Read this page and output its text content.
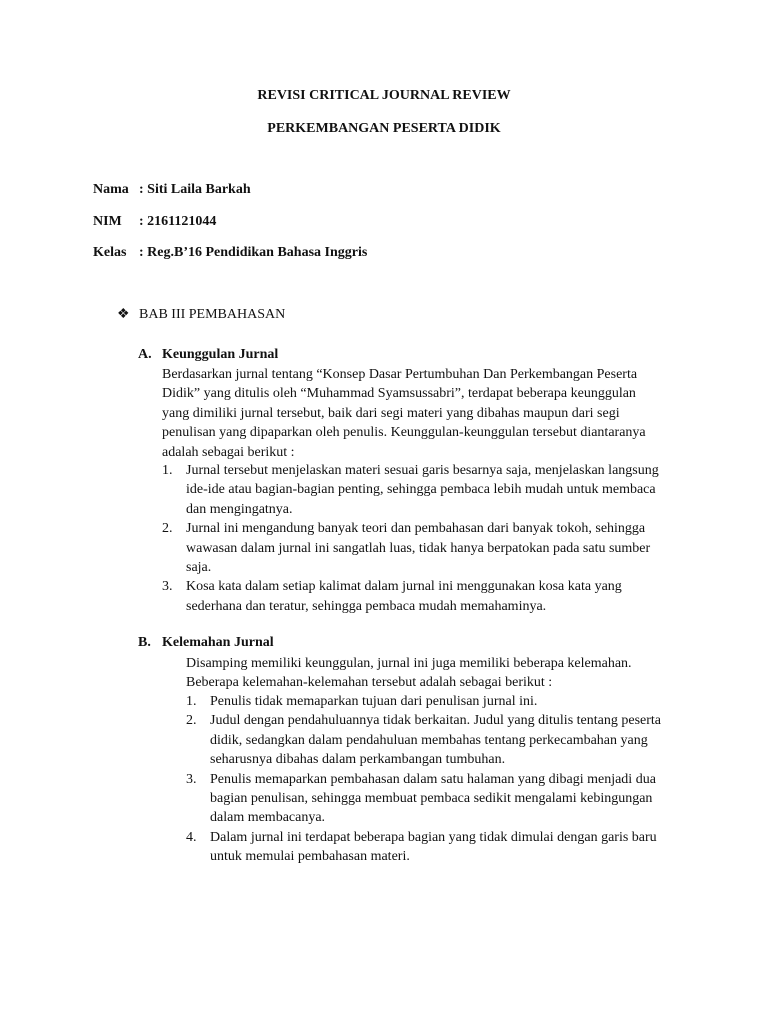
REVISI CRITICAL JOURNAL REVIEW
PERKEMBANGAN PESERTA DIDIK
Nama : Siti Laila Barkah
NIM : 2161121044
Kelas : Reg.B’16 Pendidikan Bahasa Inggris
❖ BAB III PEMBAHASAN
A. Keunggulan Jurnal
Berdasarkan jurnal tentang “Konsep Dasar Pertumbuhan Dan Perkembangan Peserta Didik” yang ditulis oleh “Muhammad Syamsussabri”, terdapat beberapa keunggulan yang dimiliki jurnal tersebut, baik dari segi materi yang dibahas maupun dari segi penulisan yang dipaparkan oleh penulis. Keunggulan-keunggulan tersebut diantaranya adalah sebagai berikut :
1. Jurnal tersebut menjelaskan materi sesuai garis besarnya saja, menjelaskan langsung ide-ide atau bagian-bagian penting, sehingga pembaca lebih mudah untuk membaca dan mengingatnya.
2. Jurnal ini mengandung banyak teori dan pembahasan dari banyak tokoh, sehingga wawasan dalam jurnal ini sangatlah luas, tidak hanya berpatokan pada satu sumber saja.
3. Kosa kata dalam setiap kalimat dalam jurnal ini menggunakan kosa kata yang sederhana dan teratur, sehingga pembaca mudah memahaminya.
B. Kelemahan Jurnal
Disamping memiliki keunggulan, jurnal ini juga memiliki beberapa kelemahan. Beberapa kelemahan-kelemahan tersebut adalah sebagai berikut :
1. Penulis tidak memaparkan tujuan dari penulisan jurnal ini.
2. Judul dengan pendahuluannya tidak berkaitan. Judul yang ditulis tentang peserta didik, sedangkan dalam pendahuluan membahas tentang perkecambahan yang seharusnya dibahas dalam perkambangan tumbuhan.
3. Penulis memaparkan pembahasan dalam satu halaman yang dibagi menjadi dua bagian penulisan, sehingga membuat pembaca sedikit mengalami kebingungan dalam membacanya.
4. Dalam jurnal ini terdapat beberapa bagian yang tidak dimulai dengan garis baru untuk memulai pembahasan materi.
